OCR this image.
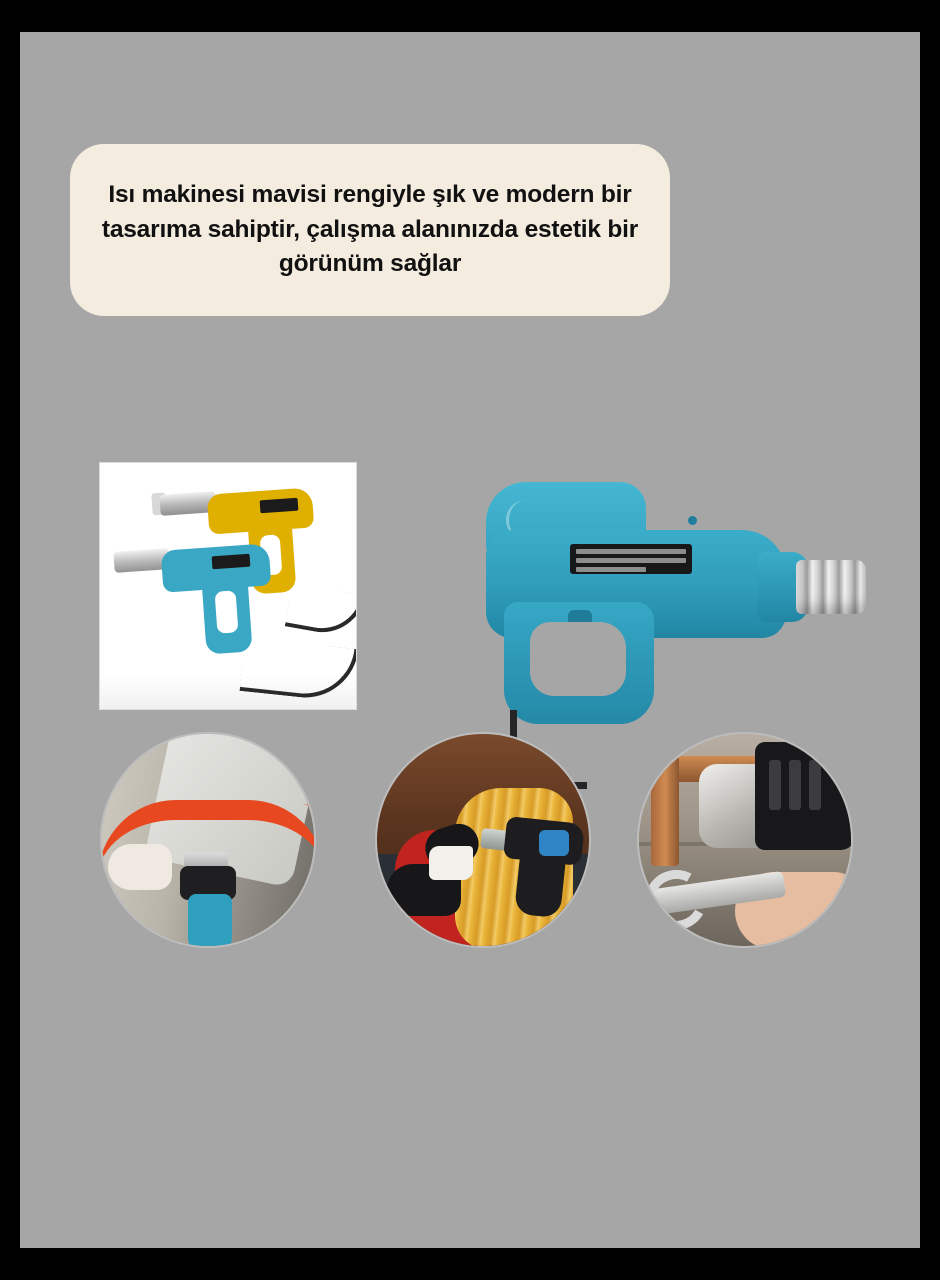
Isı makinesi mavisi rengiyle şık ve modern bir tasarıma sahiptir, çalışma alanınızda estetik bir görünüm sağlar
